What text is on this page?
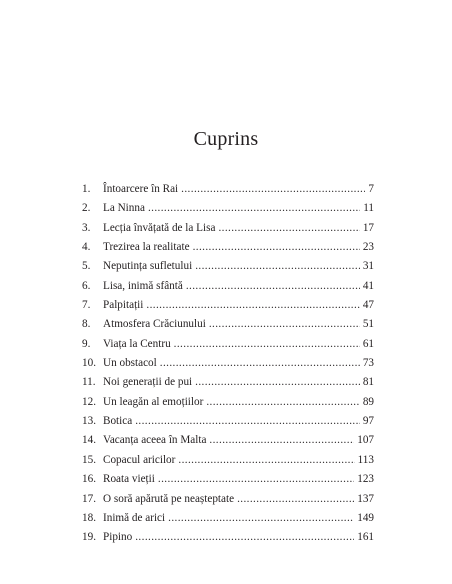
Cuprins
1.	Întoarcere în Rai . . .	7
2.	La Ninna . . .	11
3.	Lecția învățată de la Lisa . . .	17
4.	Trezirea la realitate . . .	23
5.	Neputința sufletului . . .	31
6.	Lisa, inimă sfântă . . .	41
7.	Palpitații . . .	47
8.	Atmosfera Crăciunului . . .	51
9.	Viața la Centru . . .	61
10. Un obstacol . . .	73
11. Noi generații de pui . . .	81
12. Un leagăn al emoțiilor . . .	89
13. Botica . . .	97
14. Vacanța aceea în Malta . . .	107
15. Copacul aricilor . . .	113
16. Roata vieții . . .	123
17. O soră apărută pe neașteptate . . .	137
18. Inimă de arici . . .	149
19. Pipino . . .	161
